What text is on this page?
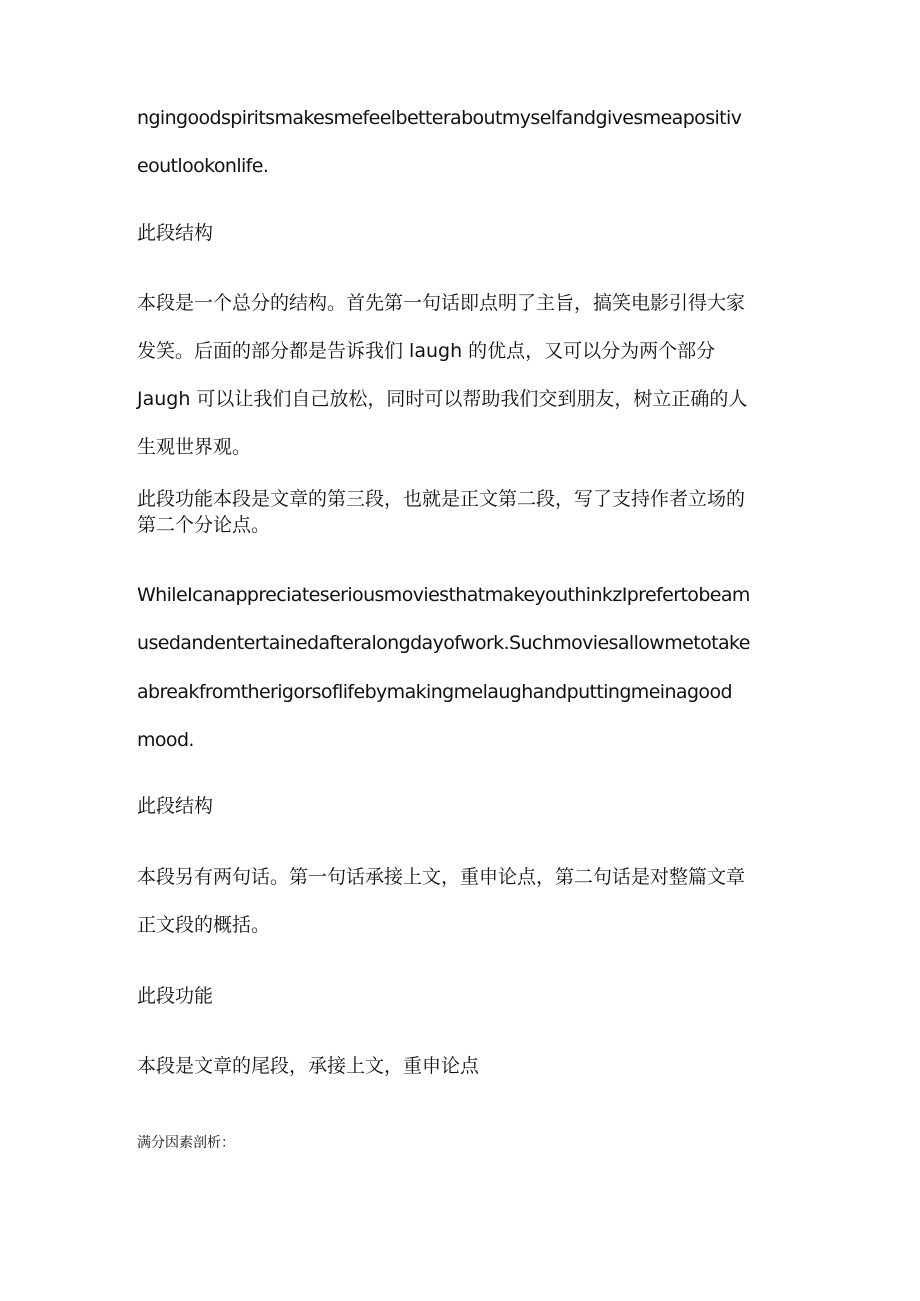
ngingoodspiritsmakesmefeelbetteraboutmyselfandgivesmeapositiv
eoutlookonlife.
此段结构
本段是一个总分的结构。首先第一句话即点明了主旨，搞笑电影引得大家
发笑。后面的部分都是告诉我们 laugh 的优点，又可以分为两个部分
Jaugh 可以让我们自己放松，同时可以帮助我们交到朋友，树立正确的人
生观世界观。
此段功能本段是文章的第三段，也就是正文第二段，写了支持作者立场的
第二个分论点。
WhileIcanappreciateseriousmoviesthatmakeyouthinkzIprefertobeam
usedandentertainedafteralongdayofwork.Suchmoviesallowmetotake
abreakfromtherigorsoflifebymakingmelaughandputtingmeinagood
mood.
此段结构
本段另有两句话。第一句话承接上文，重申论点，第二句话是对整篇文章
正文段的概括。
此段功能
本段是文章的尾段，承接上文，重申论点
满分因素剖析：
